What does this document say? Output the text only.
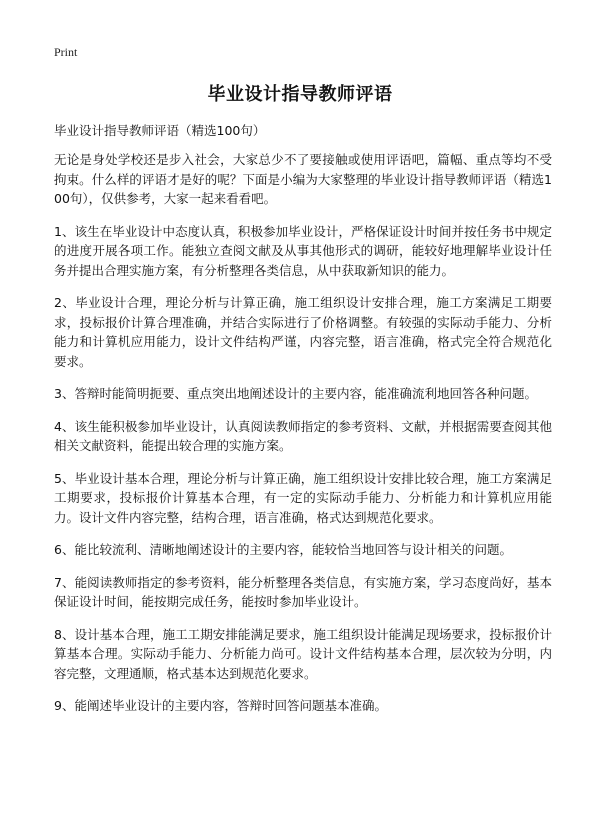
Print
毕业设计指导教师评语
毕业设计指导教师评语（精选100句）

无论是身处学校还是步入社会，大家总少不了要接触或使用评语吧，篇幅、重点等均不受拘束。什么样的评语才是好的呢？下面是小编为大家整理的毕业设计指导教师评语（精选100句），仅供参考，大家一起来看看吧。

1、该生在毕业设计中态度认真，积极参加毕业设计，严格保证设计时间并按任务书中规定的进度开展各项工作。能独立查阅文献及从事其他形式的调研，能较好地理解毕业设计任务并提出合理实施方案，有分析整理各类信息，从中获取新知识的能力。

2、毕业设计合理，理论分析与计算正确，施工组织设计安排合理，施工方案满足工期要求，投标报价计算合理准确，并结合实际进行了价格调整。有较强的实际动手能力、分析能力和计算机应用能力，设计文件结构严谨，内容完整，语言准确，格式完全符合规范化要求。

3、答辩时能简明扼要、重点突出地阐述设计的主要内容，能准确流利地回答各种问题。

4、该生能积极参加毕业设计，认真阅读教师指定的参考资料、文献，并根据需要查阅其他相关文献资料，能提出较合理的实施方案。

5、毕业设计基本合理，理论分析与计算正确，施工组织设计安排比较合理，施工方案满足工期要求，投标报价计算基本合理，有一定的实际动手能力、分析能力和计算机应用能力。设计文件内容完整，结构合理，语言准确，格式达到规范化要求。

6、能比较流利、清晰地阐述设计的主要内容，能较恰当地回答与设计相关的问题。

7、能阅读教师指定的参考资料，能分析整理各类信息，有实施方案，学习态度尚好，基本保证设计时间，能按期完成任务，能按时参加毕业设计。

8、设计基本合理，施工工期安排能满足要求，施工组织设计能满足现场要求，投标报价计算基本合理。实际动手能力、分析能力尚可。设计文件结构基本合理，层次较为分明，内容完整，文理通顺，格式基本达到规范化要求。

9、能阐述毕业设计的主要内容，答辩时回答问题基本准确。
